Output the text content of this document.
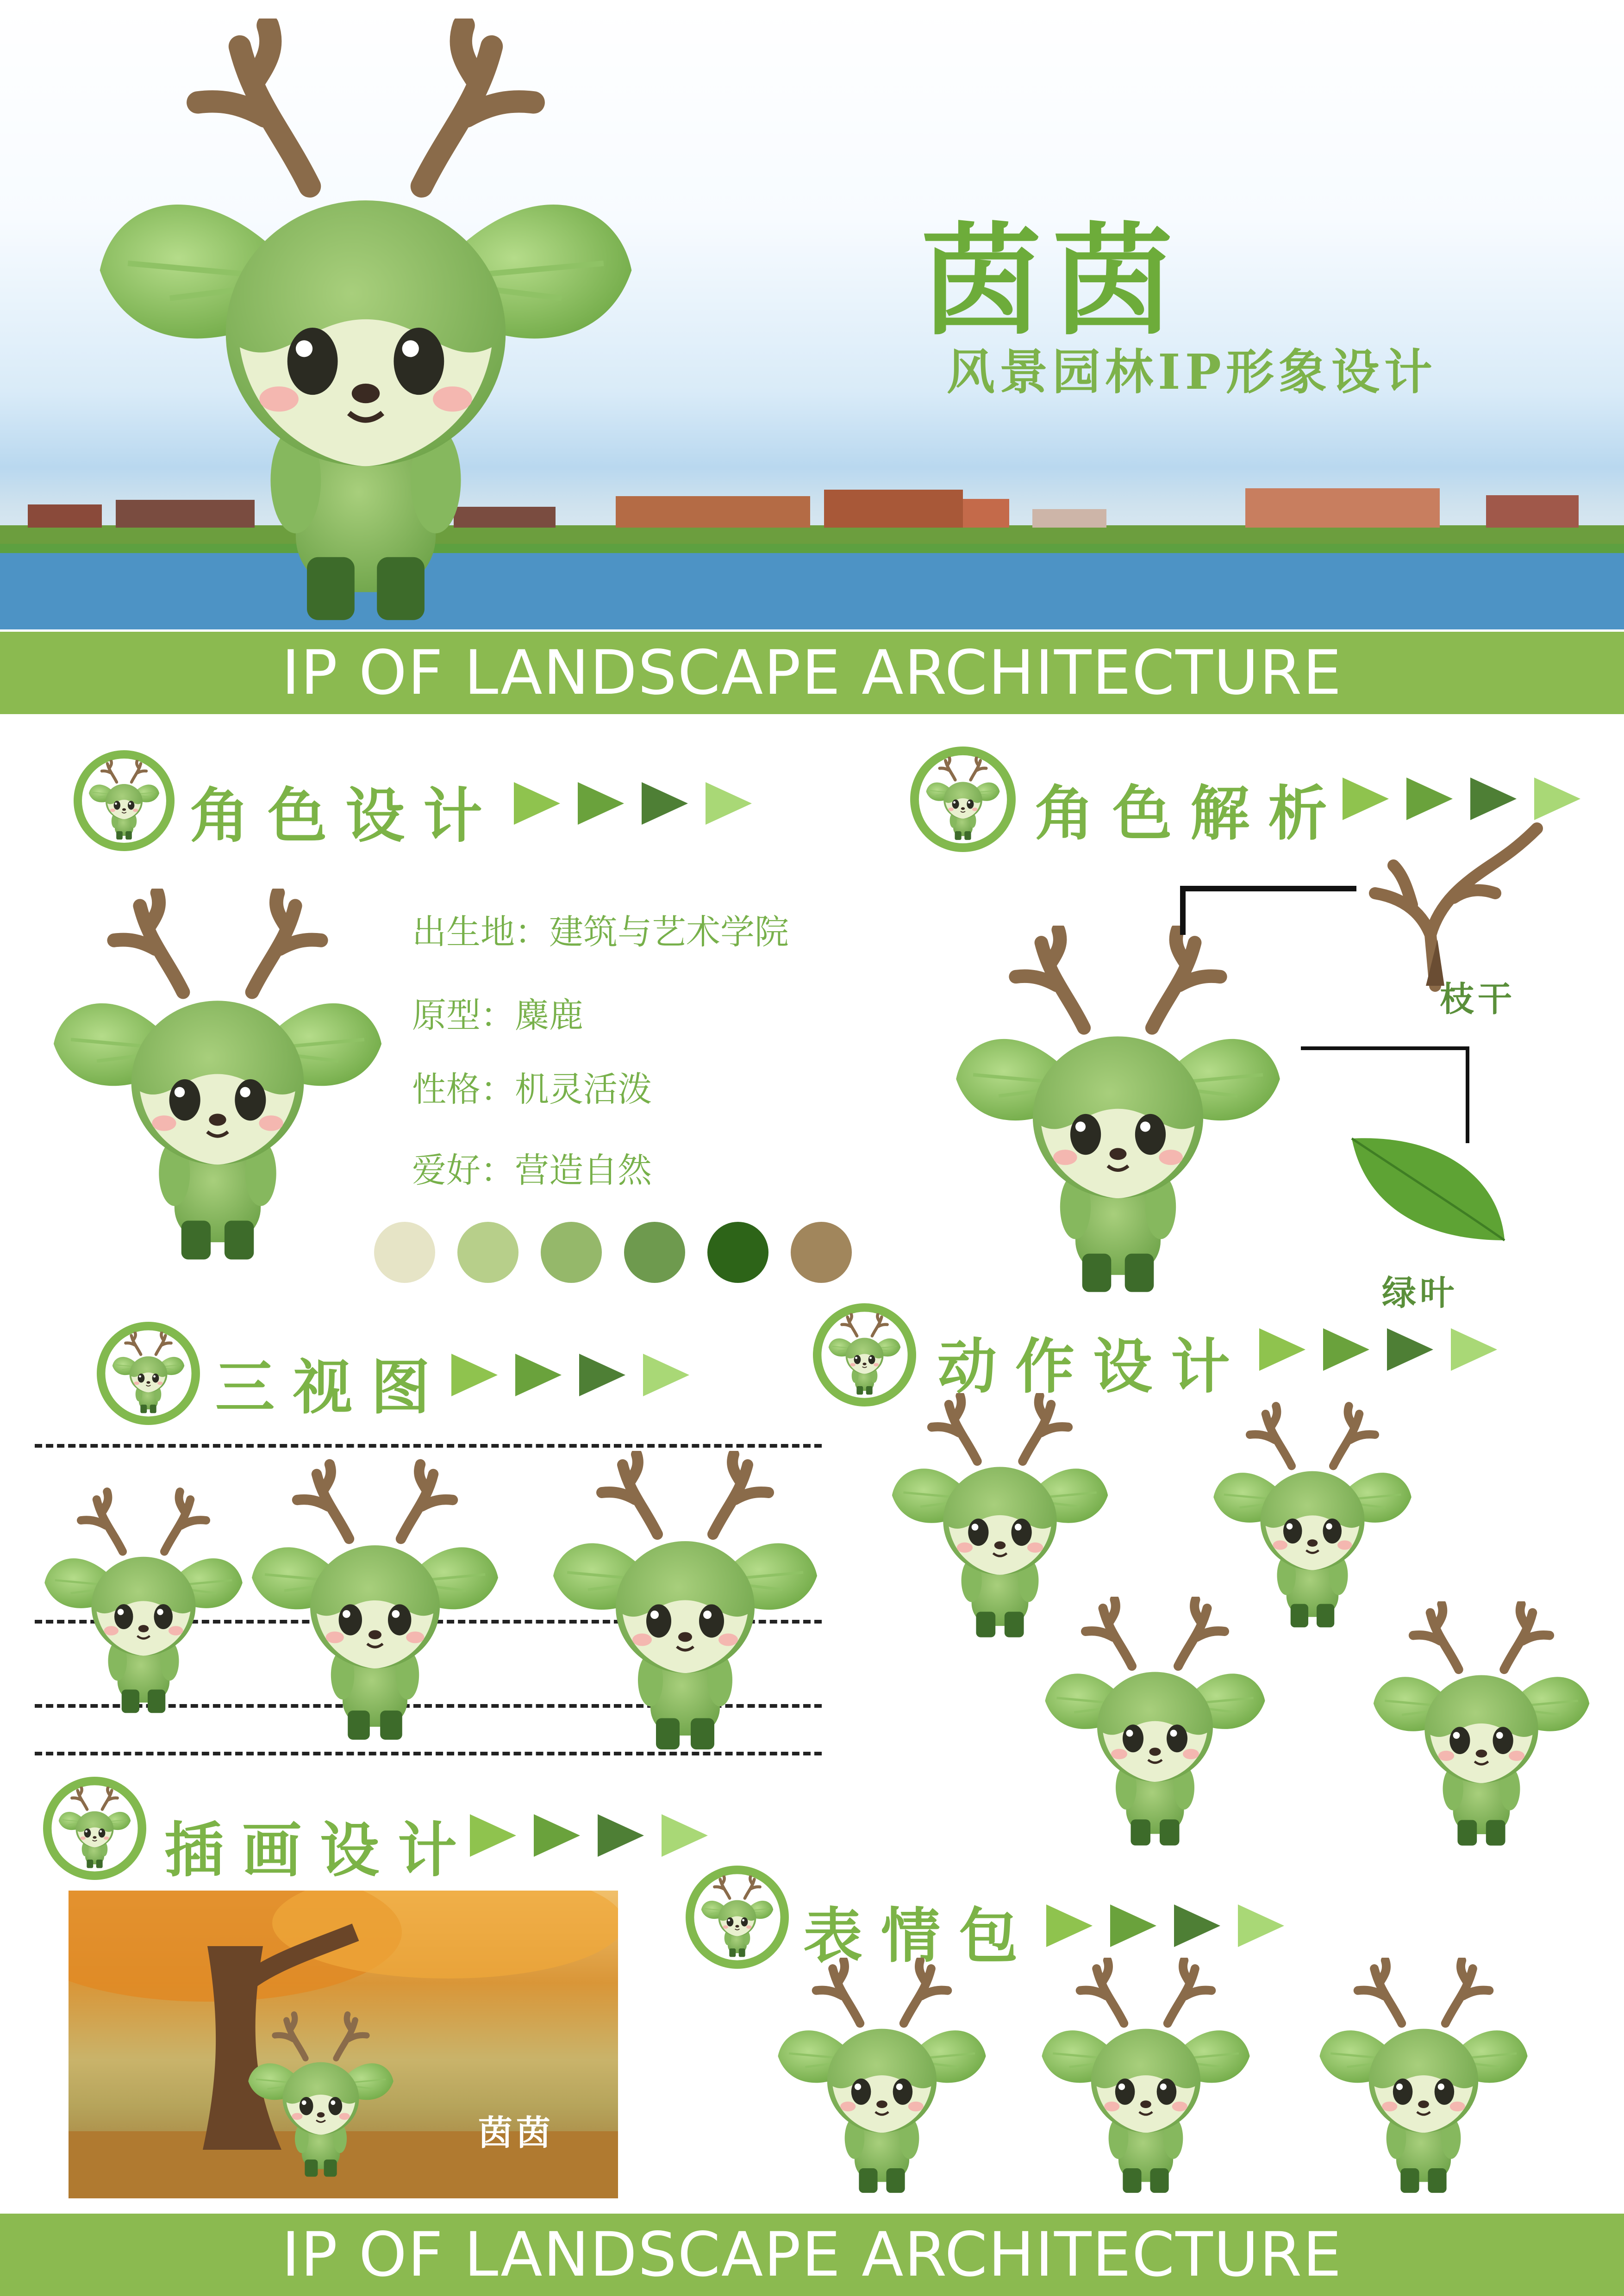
茵茵
风景园林IP形象设计
IP OF LANDSCAPE ARCHITECTURE
角色设计
出生地：建筑与艺术学院
原型：麋鹿
性格：机灵活泼
爱好：营造自然
角色解析
枝干
绿叶
三视图	动作设计
插画设计
茵茵
表情包
IP OF LANDSCAPE ARCHITECTURE
